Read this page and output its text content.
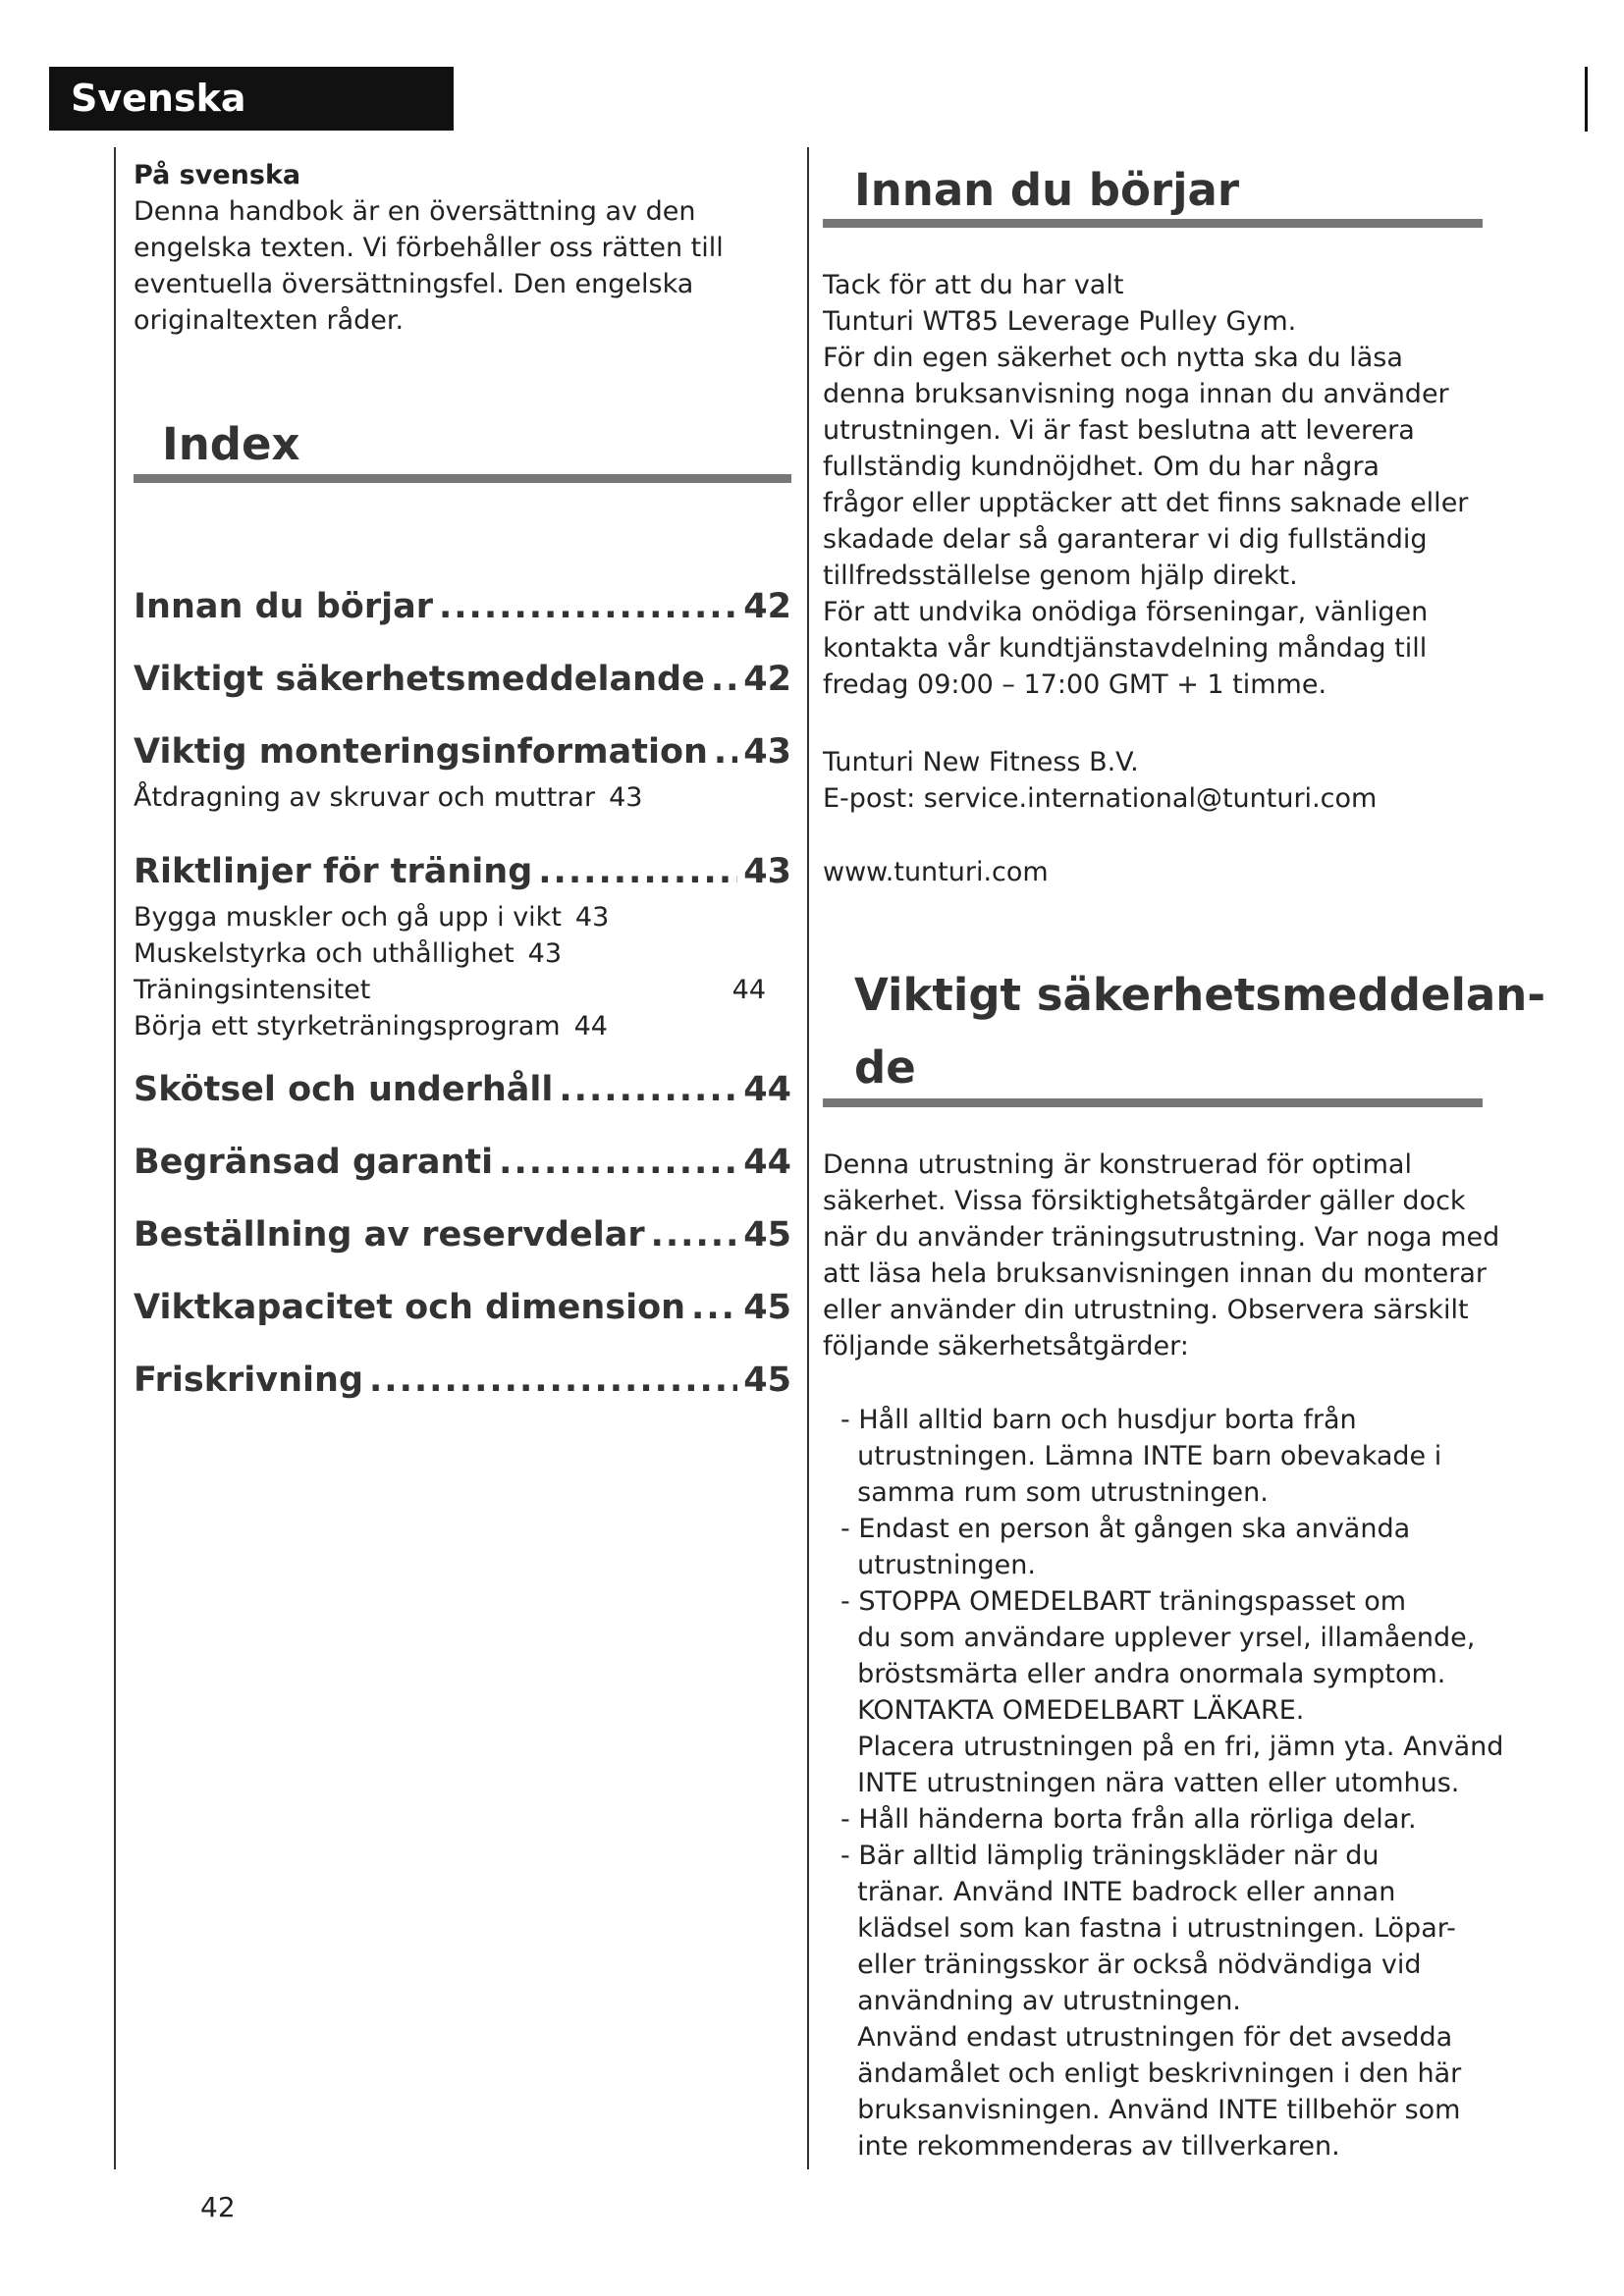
Svenska
På svenska
Denna handbok är en översättning av den
engelska texten. Vi förbehåller oss rätten till
eventuella översättningsfel. Den engelska
originaltexten råder.
Index
Innan du börjar .....	42
Viktigt säkerhetsmeddelande ..... 42
Viktig monteringsinformation ..... 43
Åtdragning av skruvar och muttrar 43
Riktlinjer för träning .....	43
Bygga muskler och gå upp i vikt 43
Muskelstyrka och uthållighet 43
Träningsintensitet	44
Börja ett styrketräningsprogram 44
Skötsel och underhåll .....	44
Begränsad garanti .....	44
Beställning av reservdelar .....	45
Viktkapacitet och dimension ..... 45
Friskrivning .....	45
Innan du börjar
Tack för att du har valt
Tunturi WT85 Leverage Pulley Gym.
För din egen säkerhet och nytta ska du läsa
denna bruksanvisning noga innan du använder
utrustningen. Vi är fast beslutna att leverera
fullständig kundnöjdhet. Om du har några
frågor eller upptäcker att det finns saknade eller
skadade delar så garanterar vi dig fullständig
tillfredsställelse genom hjälp direkt.
För att undvika onödiga förseningar, vänligen
kontakta vår kundtjänstavdelning måndag till
fredag 09:00 – 17:00 GMT + 1 timme.
Tunturi New Fitness B.V.
E-post: service.international@tunturi.com
www.tunturi.com
Viktigt säkerhetsmeddelan-
de
Denna utrustning är konstruerad för optimal
säkerhet. Vissa försiktighetsåtgärder gäller dock
när du använder träningsutrustning. Var noga med
att läsa hela bruksanvisningen innan du monterar
eller använder din utrustning. Observera särskilt
följande säkerhetsåtgärder:
- Håll alltid barn och husdjur borta från
utrustningen. Lämna INTE barn obevakade i
samma rum som utrustningen.
- Endast en person åt gången ska använda
utrustningen.
- STOPPA OMEDELBART träningspasset om
du som användare upplever yrsel, illamående,
bröstsmärta eller andra onormala symptom.
KONTAKTA OMEDELBART LÄKARE.
Placera utrustningen på en fri, jämn yta. Använd
INTE utrustningen nära vatten eller utomhus.
- Håll händerna borta från alla rörliga delar.
- Bär alltid lämplig träningskläder när du
tränar. Använd INTE badrock eller annan
klädsel som kan fastna i utrustningen. Löpar-
eller träningsskor är också nödvändiga vid
användning av utrustningen.
Använd endast utrustningen för det avsedda
ändamålet och enligt beskrivningen i den här
bruksanvisningen. Använd INTE tillbehör som
inte rekommenderas av tillverkaren.
42
